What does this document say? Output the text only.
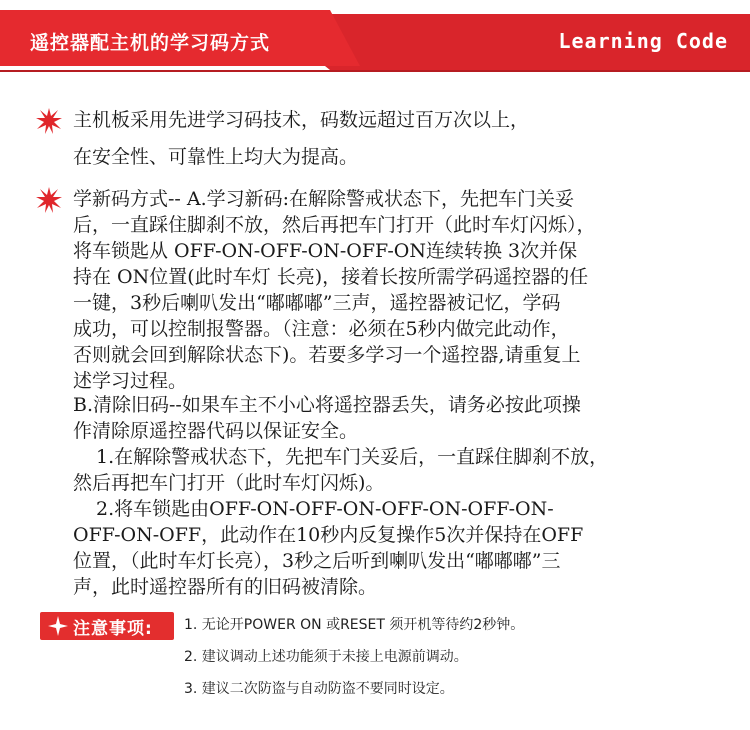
遥控器配主机的学习码方式	Learning Code
主机板采用先进学习码技术，码数远超过百万次以上，
在安全性、可靠性上均大为提高。
学新码方式-- A.学习新码:在解除警戒状态下，先把车门关妥
后，一直踩住脚刹不放，然后再把车门打开（此时车灯闪烁），
将车锁匙从 OFF-ON-OFF-ON-OFF-ON连续转换 3次并保
持在 ON位置(此时车灯 长亮)，接着长按所需学码遥控器的任
一键，3秒后喇叭发出“嘟嘟嘟”三声，遥控器被记忆，学码
成功，可以控制报警器。（注意：必须在5秒内做完此动作，
否则就会回到解除状态下)。若要多学习一个遥控器,请重复上
述学习过程。
B.清除旧码--如果车主不小心将遥控器丢失，请务必按此项操
作清除原遥控器代码以保证安全。
1.在解除警戒状态下，先把车门关妥后，一直踩住脚刹不放，
然后再把车门打开（此时车灯闪烁)。
2.将车锁匙由OFF-ON-OFF-ON-OFF-ON-OFF-ON-
OFF-ON-OFF，此动作在10秒内反复操作5次并保持在OFF
位置，（此时车灯长亮），3秒之后听到喇叭发出“嘟嘟嘟”三
声，此时遥控器所有的旧码被清除。
注意事项: 1. 无论开POWER ON 或RESET 须开机等待约2秒钟。
2. 建议调动上述功能须于未接上电源前调动。
3. 建议二次防盗与自动防盗不要同时设定。
